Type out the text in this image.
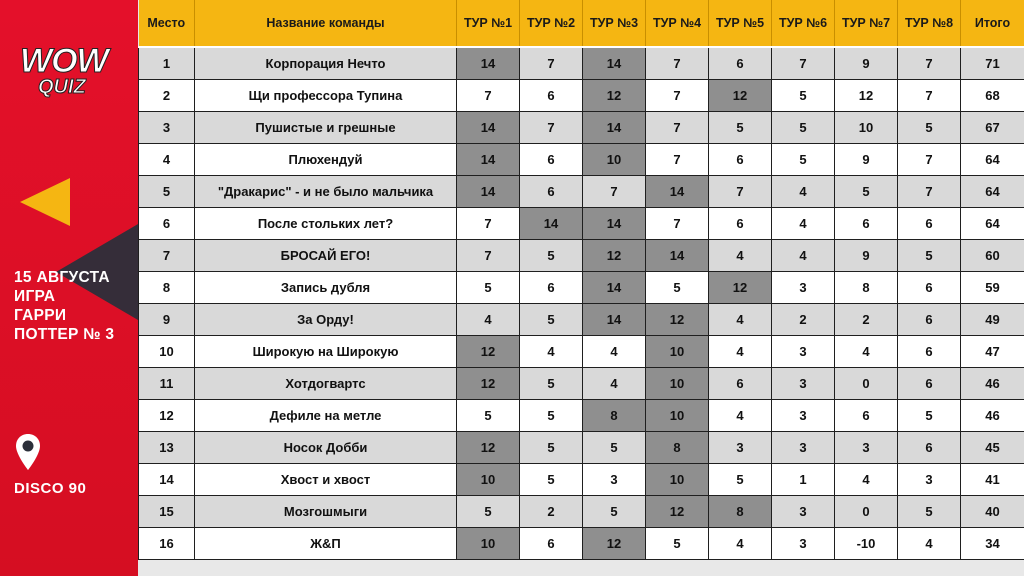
WOW
QUIZ
15 АВГУСТА
ИГРА
ГАРРИ
ПОТТЕР № 3
DISCO 90
Место	Название команды	ТУР №1	ТУР №2	ТУР №3	ТУР №4	ТУР №5	ТУР №6	ТУР №7	ТУР №8	Итого
1	Корпорация Нечто	14	7	14	7	6	7	9	7	71
2	Щи профессора Тупина	7	6	12	7	12	5	12	7	68
3	Пушистые и грешные	14	7	14	7	5	5	10	5	67
4	Плюхендуй	14	6	10	7	6	5	9	7	64
5	"Дракарис" - и не было мальчика	14	6	7	14	7	4	5	7	64
6	После стольких лет?	7	14	14	7	6	4	6	6	64
7	БРОСАЙ ЕГО!	7	5	12	14	4	4	9	5	60
8	Запись дубля	5	6	14	5	12	3	8	6	59
9	За Орду!	4	5	14	12	4	2	2	6	49
10	Широкую на Широкую	12	4	4	10	4	3	4	6	47
11	Хотдогвартс	12	5	4	10	6	3	0	6	46
12	Дефиле на метле	5	5	8	10	4	3	6	5	46
13	Носок Добби	12	5	5	8	3	3	3	6	45
14	Хвост и хвост	10	5	3	10	5	1	4	3	41
15	Мозгошмыги	5	2	5	12	8	3	0	5	40
16	Ж&П	10	6	12	5	4	3	-10	4	34
